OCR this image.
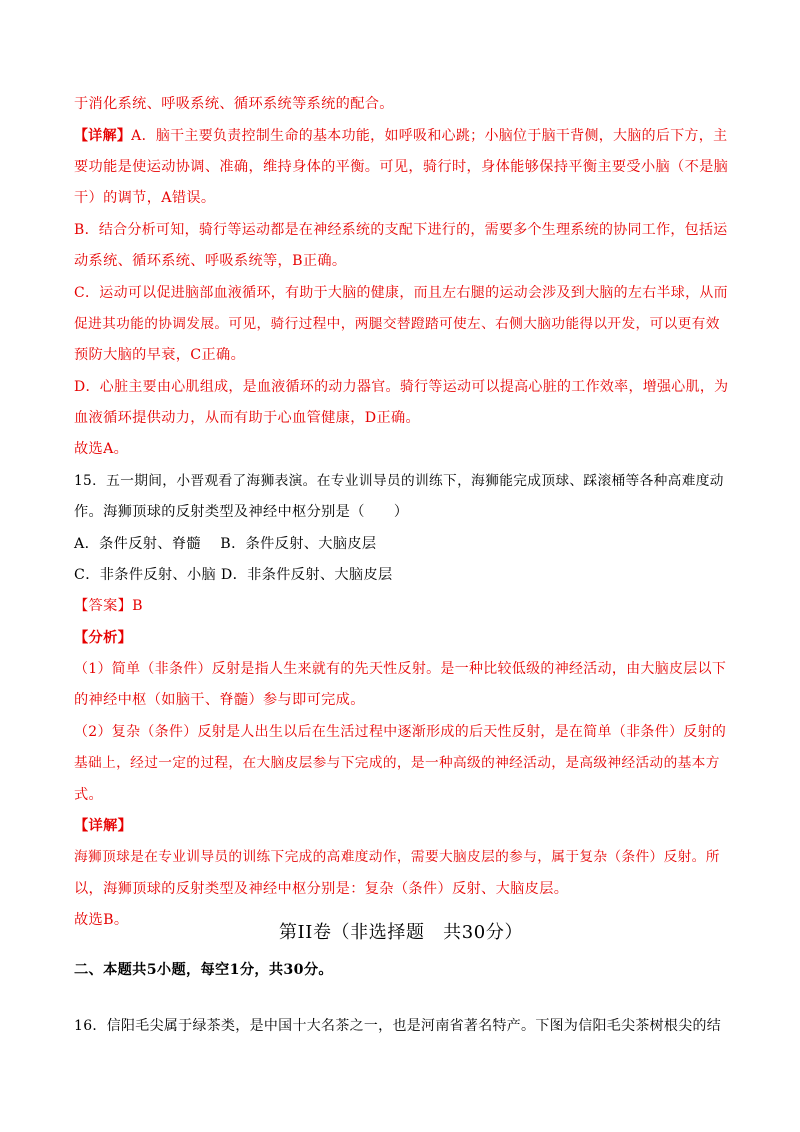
于消化系统、呼吸系统、循环系统等系统的配合。
【详解】A．脑干主要负责控制生命的基本功能，如呼吸和心跳；小脑位于脑干背侧，大脑的后下方，主
要功能是使运动协调、准确，维持身体的平衡。可见，骑行时，身体能够保持平衡主要受小脑（不是脑
干）的调节，A错误。
B．结合分析可知，骑行等运动都是在神经系统的支配下进行的，需要多个生理系统的协同工作，包括运
动系统、循环系统、呼吸系统等，B正确。
C．运动可以促进脑部血液循环，有助于大脑的健康，而且左右腿的运动会涉及到大脑的左右半球，从而
促进其功能的协调发展。可见，骑行过程中，两腿交替蹬踏可使左、右侧大脑功能得以开发，可以更有效
预防大脑的早衰，C正确。
D．心脏主要由心肌组成，是血液循环的动力器官。骑行等运动可以提高心脏的工作效率，增强心肌，为
血液循环提供动力，从而有助于心血管健康，D正确。
故选A。
15．五一期间，小晋观看了海狮表演。在专业训导员的训练下，海狮能完成顶球、踩滚桶等各种高难度动
作。海狮顶球的反射类型及神经中枢分别是（　　）
A．条件反射、脊髓　 B．条件反射、大脑皮层
C．非条件反射、小脑 D．非条件反射、大脑皮层
【答案】B
【分析】
（1）简单（非条件）反射是指人生来就有的先天性反射。是一种比较低级的神经活动，由大脑皮层以下
的神经中枢（如脑干、脊髓）参与即可完成。
（2）复杂（条件）反射是人出生以后在生活过程中逐渐形成的后天性反射，是在简单（非条件）反射的
基础上，经过一定的过程，在大脑皮层参与下完成的，是一种高级的神经活动，是高级神经活动的基本方
式。
【详解】
海狮顶球是在专业训导员的训练下完成的高难度动作，需要大脑皮层的参与，属于复杂（条件）反射。所
以，海狮顶球的反射类型及神经中枢分别是：复杂（条件）反射、大脑皮层。
故选B。
第II卷（非选择题　共30分）
二、本题共5小题，每空1分，共30分。
16．信阳毛尖属于绿茶类，是中国十大名茶之一，也是河南省著名特产。下图为信阳毛尖茶树根尖的结
